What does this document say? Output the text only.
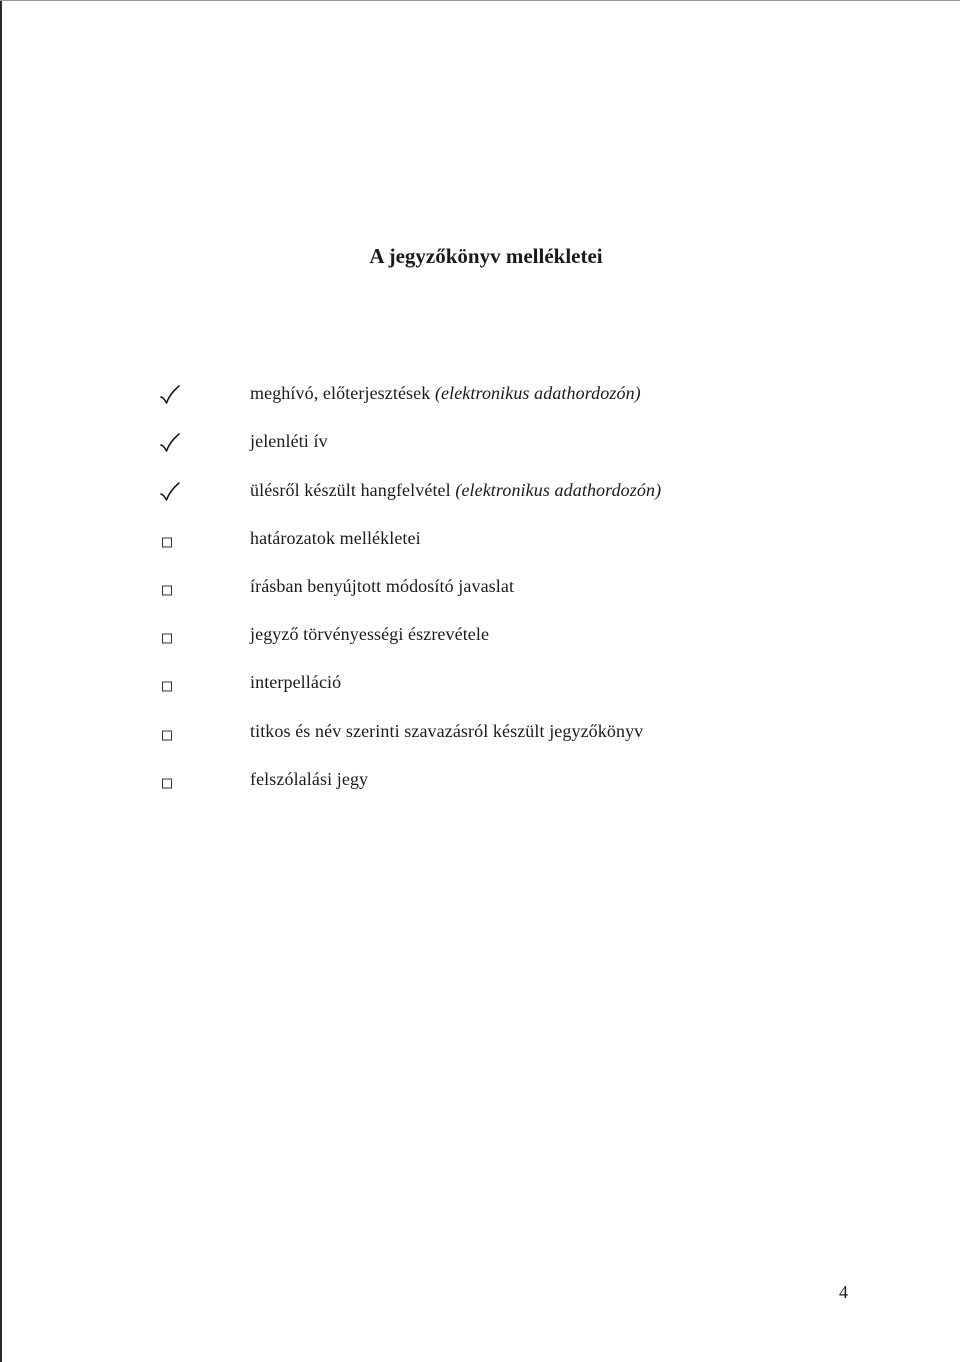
A jegyzőkönyv mellékletei
meghívó, előterjesztések (elektronikus adathordozón)
jelenléti ív
ülésről készült hangfelvétel (elektronikus adathordozón)
határozatok mellékletei
írásban benyújtott módosító javaslat
jegyző törvényességi észrevétele
interpelláció
titkos és név szerinti szavazásról készült jegyzőkönyv
felszólalási jegy
4
